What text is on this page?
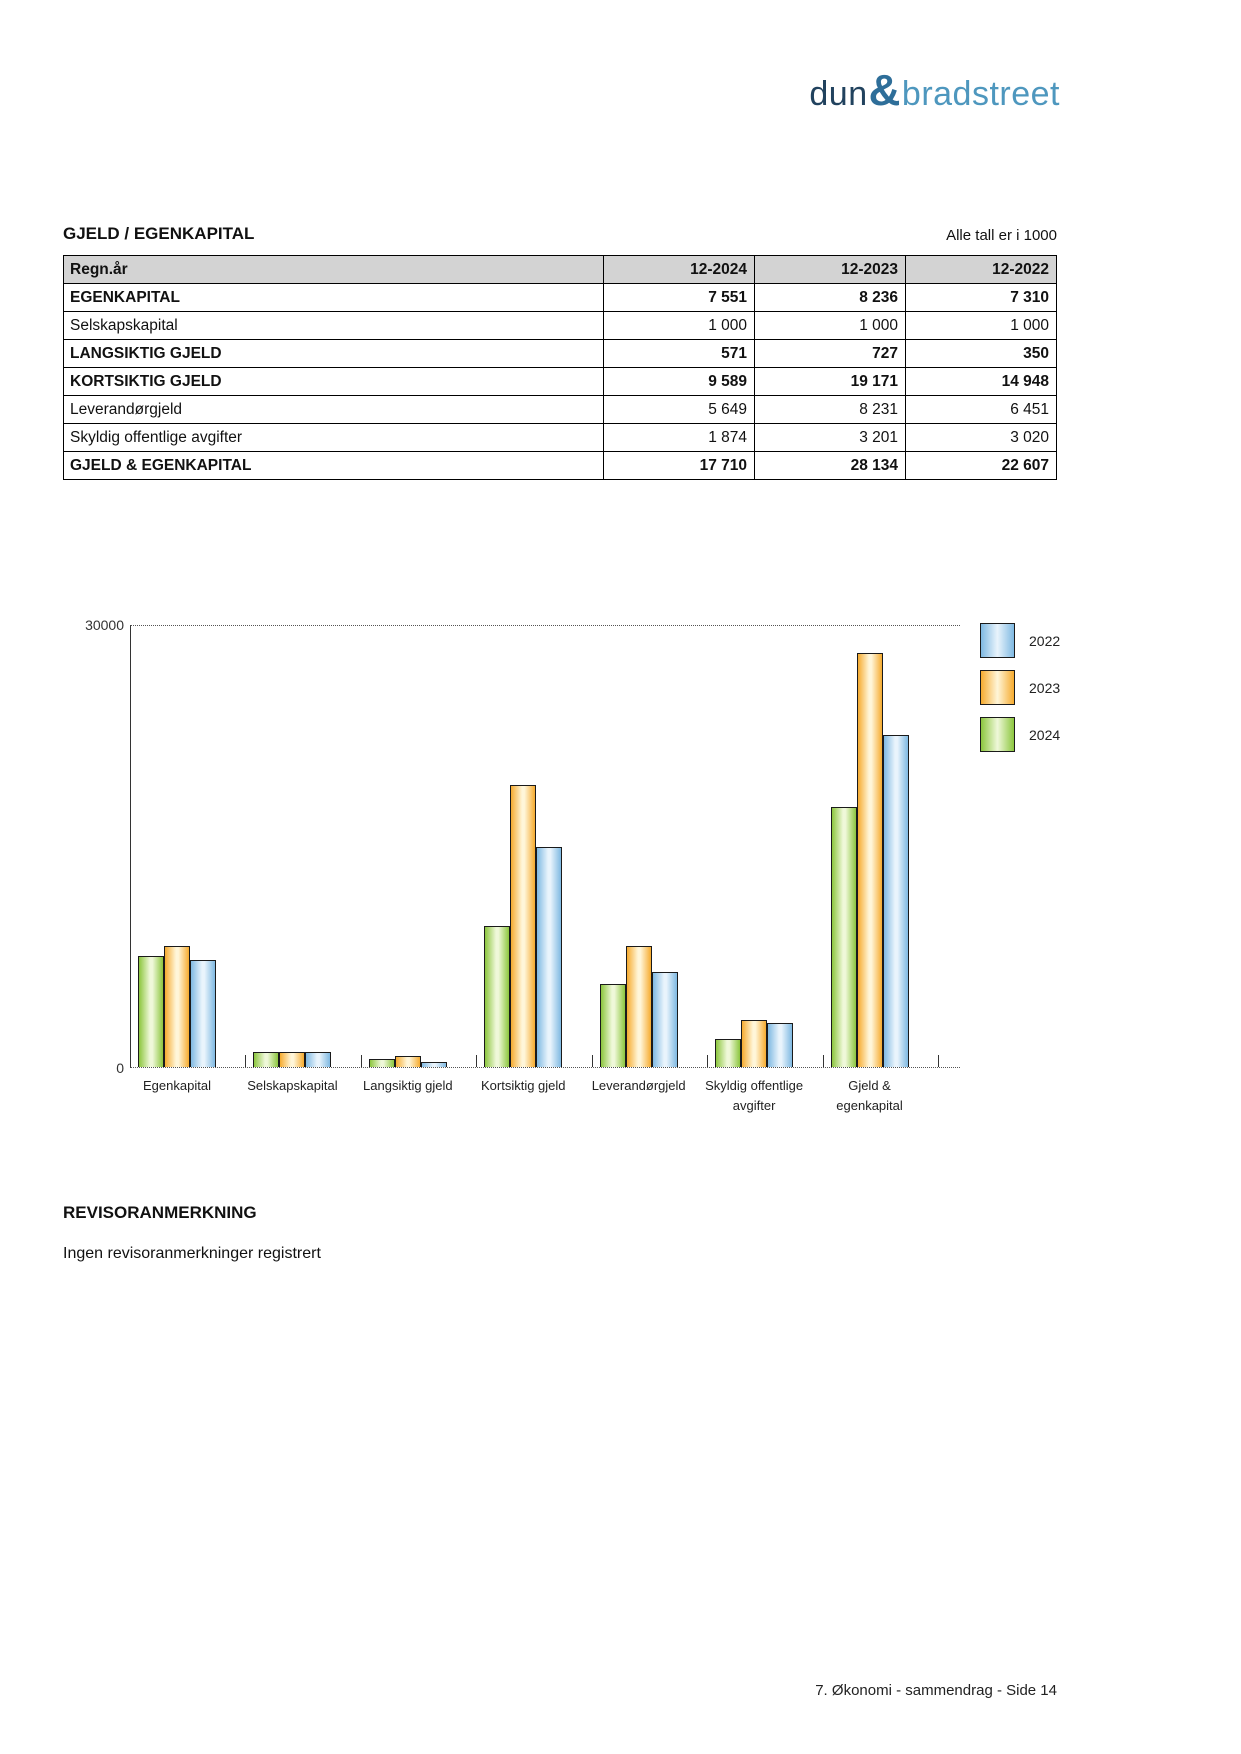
dun & bradstreet
GJELD / EGENKAPITAL	Alle tall er i 1000
Regn.år	12-2024	12-2023	12-2022
EGENKAPITAL	7 551	8 236	7 310
Selskapskapital	1 000	1 000	1 000
LANGSIKTIG GJELD	571	727	350
KORTSIKTIG GJELD	9 589	19 171	14 948
Leverandørgjeld	5 649	8 231	6 451
Skyldig offentlige avgifter	1 874	3 201	3 020
GJELD & EGENKAPITAL	17 710	28 134	22 607
30000
0
Egenkapital	Selskapskapital	Langsiktig gjeld	Kortsiktig gjeld	Leverandørgjeld	Skyldig offentlige avgifter
Gjeld & egenkapital
2022
2023
2024
REVISORANMERKNING
Ingen revisoranmerkninger registrert
7. Økonomi - sammendrag - Side 14
